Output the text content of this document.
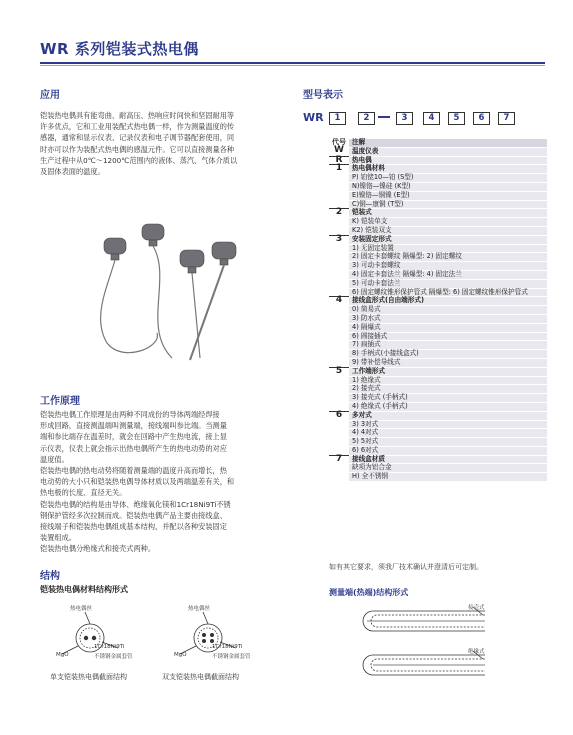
WR 系列铠装式热电偶
应用
铠装热电偶具有能弯曲、耐高压、热响应时间快和坚固耐用等
许多优点，它和工业用装配式热电偶一样，作为测量温度的传
感器，通常和显示仪表、记录仪表和电子调节器配套使用，同
时亦可以作为装配式热电偶的感温元件。它可以直接测量各种
生产过程中从0℃～1200℃范围内的液体、蒸汽、气体介质以
及固体表面的温度。
工作原理
铠装热电偶工作原理是由两种不同成份的导体两端经焊接
形成回路，直接测温端叫测量端，接线端叫参比端。当测量
端和参比端存在温差时，就会在回路中产生热电流，接上显
示仪表，仪表上就会指示出热电偶所产生的热电动势的对应
温度值。
铠装热电偶的热电动势将随着测量端的温度升高而增长，热
电动势的大小只和铠装热电偶导体材质以及两端温差有关，和
热电极的长度、直径无关。
铠装热电偶的结构是由导体、绝缘氧化镁和1Cr18Ni9Ti不锈
钢保护管经多次拉制而成。铠装热电偶产品主要由接线盒、
接线端子和铠装热电偶组成基本结构，并配以各种安装固定
装置组成。
铠装热电偶分绝缘式和接壳式两种。
结构
铠装热电偶材料结构形式
热电偶丝	热电偶丝
MgO	MgO
1Cr18Ni9Ti
不锈钢金属套管
1Cr18Ni9Ti
不锈钢金属套管
单支铠装热电偶截面结构	双支铠装热电偶截面结构
型号表示
WR	1	2	3	4	5	6	7
代号	注解
W	温度仪表
R	热电偶
1	热电偶材料
	P) 铂铑10—铂 (S型)
	N)镍铬—镍硅 (K型)
	E)镍铬—铜镍 (E型)
	C)铜—康铜 (T型)
2	铠装式
	K) 铠装单支
	K2) 铠装双支
3	安装固定形式
	1) 无固定装置
	2) 固定卡套螺纹 隔爆型: 2) 固定螺纹
	3) 可动卡套螺纹
	4) 固定卡套法兰 隔爆型: 4) 固定法兰
	5) 可动卡套法兰
	6) 固定螺纹锥形保护管式 隔爆型: 6) 固定螺纹锥形保护管式
4	接线盒形式(自由端形式)
	0) 简易式
	3) 防水式
	4) 隔爆式
	6) 圆接插式
	7) 扁插式
	8) 手柄式(小接线盒式)
	9) 带补偿导线式
5	工作端形式
	1) 绝缘式
	2) 接壳式
	3) 接壳式 (手柄式)
	4) 绝缘式 (手柄式)
6	多对式
	3) 3对式
	4) 4对式
	5) 5对式
	6) 6对式
7	接线盒材质
	缺项为铝合金
	H) 全不锈钢
如有其它要求，须我厂技术确认并澄清后可定制。
测量端(热端)结构形式
接壳式
绝缘式
